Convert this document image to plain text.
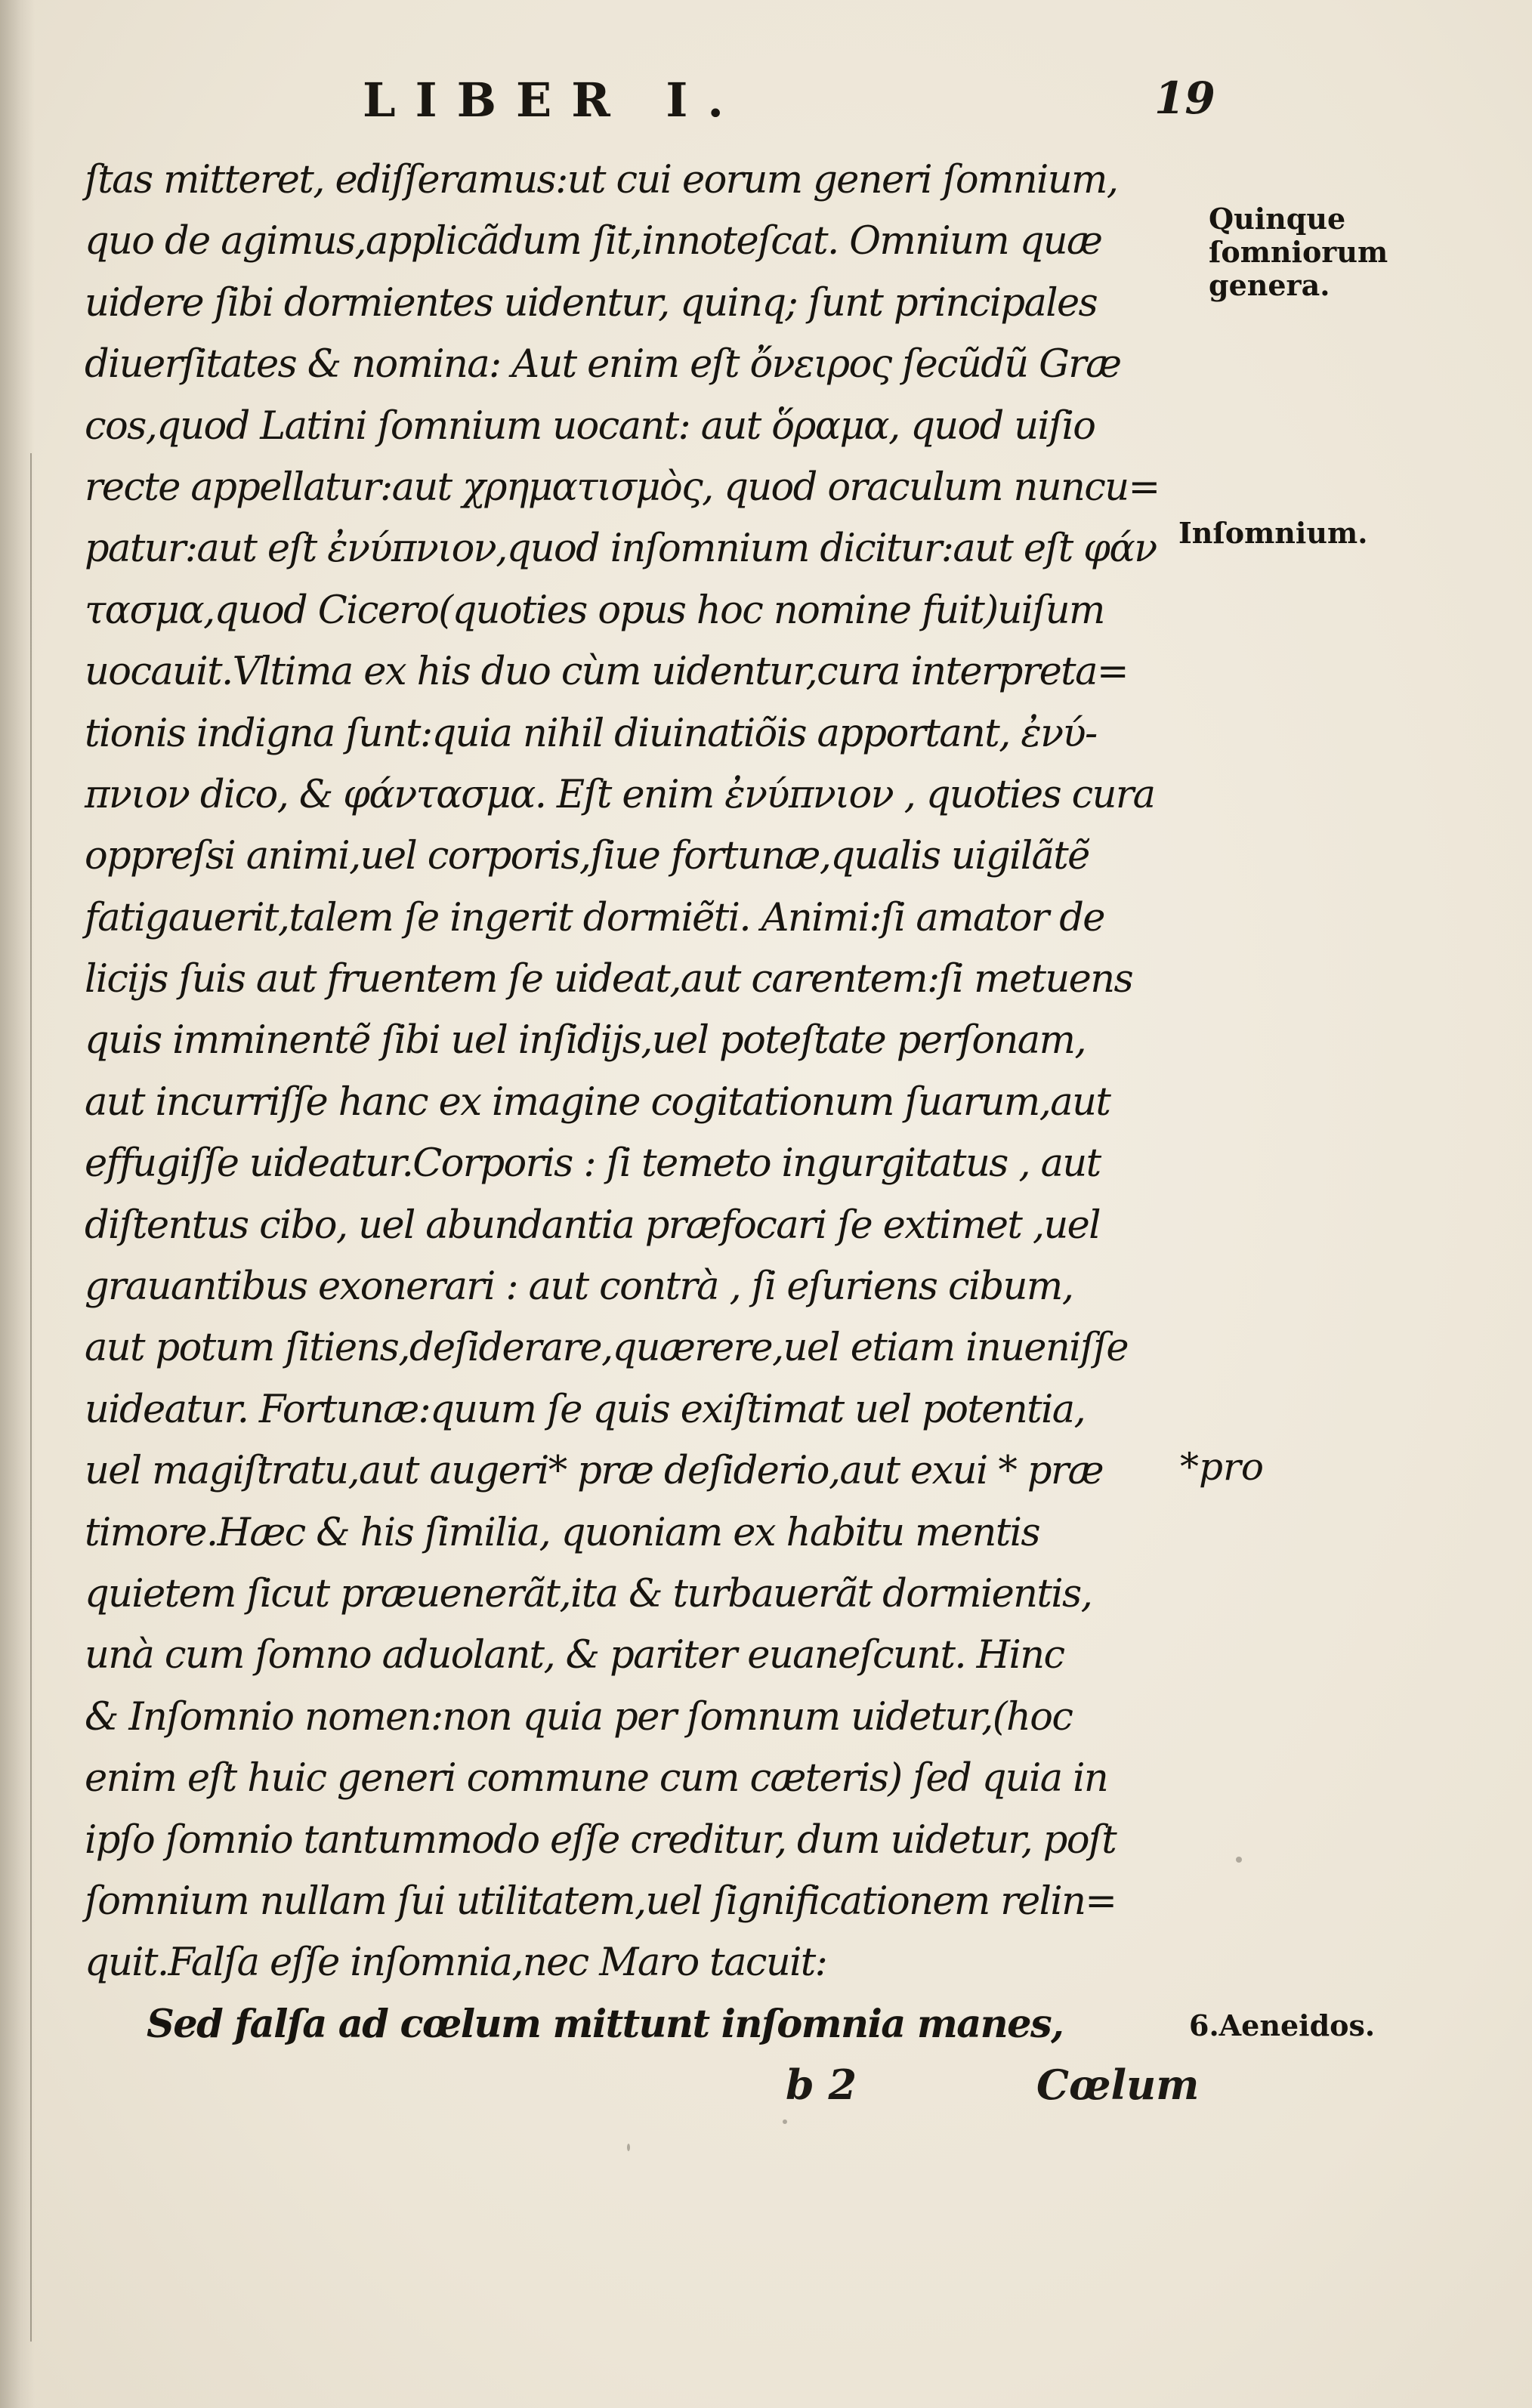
LIBER I.	19
ſtas mitteret, ediſſeramus:ut cui eorum generi ſomnium,
quo de agimus,applicãdum ſit,innoteſcat. Omnium quæ
uidere ſibi dormientes uidentur, quinq; ſunt principales
diuerſitates & nomina: Aut enim eſt ὄνειρος ſecũdũ Græ
cos,quod Latini ſomnium uocant: aut ὅραμα, quod uiſio
recte appellatur:aut χρηματισμὸς, quod oraculum nuncu=
patur:aut eſt ἐνύπνιον,quod inſomnium dicitur:aut eſt φάν
τασμα,quod Cicero(quoties opus hoc nomine fuit)uiſum
uocauit.Vltima ex his duo cùm uidentur,cura interpreta=
tionis indigna ſunt:quia nihil diuinatiõis apportant, ἐνύ-
πνιον dico, & φάντασμα. Eſt enim ἐνύπνιον , quoties cura
oppreſsi animi,uel corporis,ſiue fortunæ,qualis uigilãtẽ
fatigauerit,talem ſe ingerit dormiẽti. Animi:ſi amator de
licijs ſuis aut fruentem ſe uideat,aut carentem:ſi metuens
quis imminentẽ ſibi uel inſidijs,uel poteſtate perſonam,
aut incurriſſe hanc ex imagine cogitationum ſuarum,aut
effugiſſe uideatur.Corporis : ſi temeto ingurgitatus , aut
diſtentus cibo, uel abundantia præfocari ſe extimet ,uel
grauantibus exonerari : aut contrà , ſi eſuriens cibum,
aut potum ſitiens,deſiderare,quærere,uel etiam inueniſſe
uideatur. Fortunæ:quum ſe quis exiſtimat uel potentia,
uel magiſtratu,aut augeri* præ deſiderio,aut exui * præ
timore.Hæc & his ſimilia, quoniam ex habitu mentis
quietem ſicut præuenerãt,ita & turbauerãt dormientis,
unà cum ſomno aduolant, & pariter euaneſcunt. Hinc
& Inſomnio nomen:non quia per ſomnum uidetur,(hoc
enim eſt huic generi commune cum cæteris) ſed quia in
ipſo ſomnio tantummodo eſſe creditur, dum uidetur, poſt
ſomnium nullam ſui utilitatem,uel ſignificationem relin=
quit.Falſa eſſe inſomnia,nec Maro tacuit:
Sed falſa ad cœlum mittunt inſomnia manes,
b 2	Cœlum
Quinque ſomniorum genera.
Inſomnium.
*pro
6.Aeneidos.
